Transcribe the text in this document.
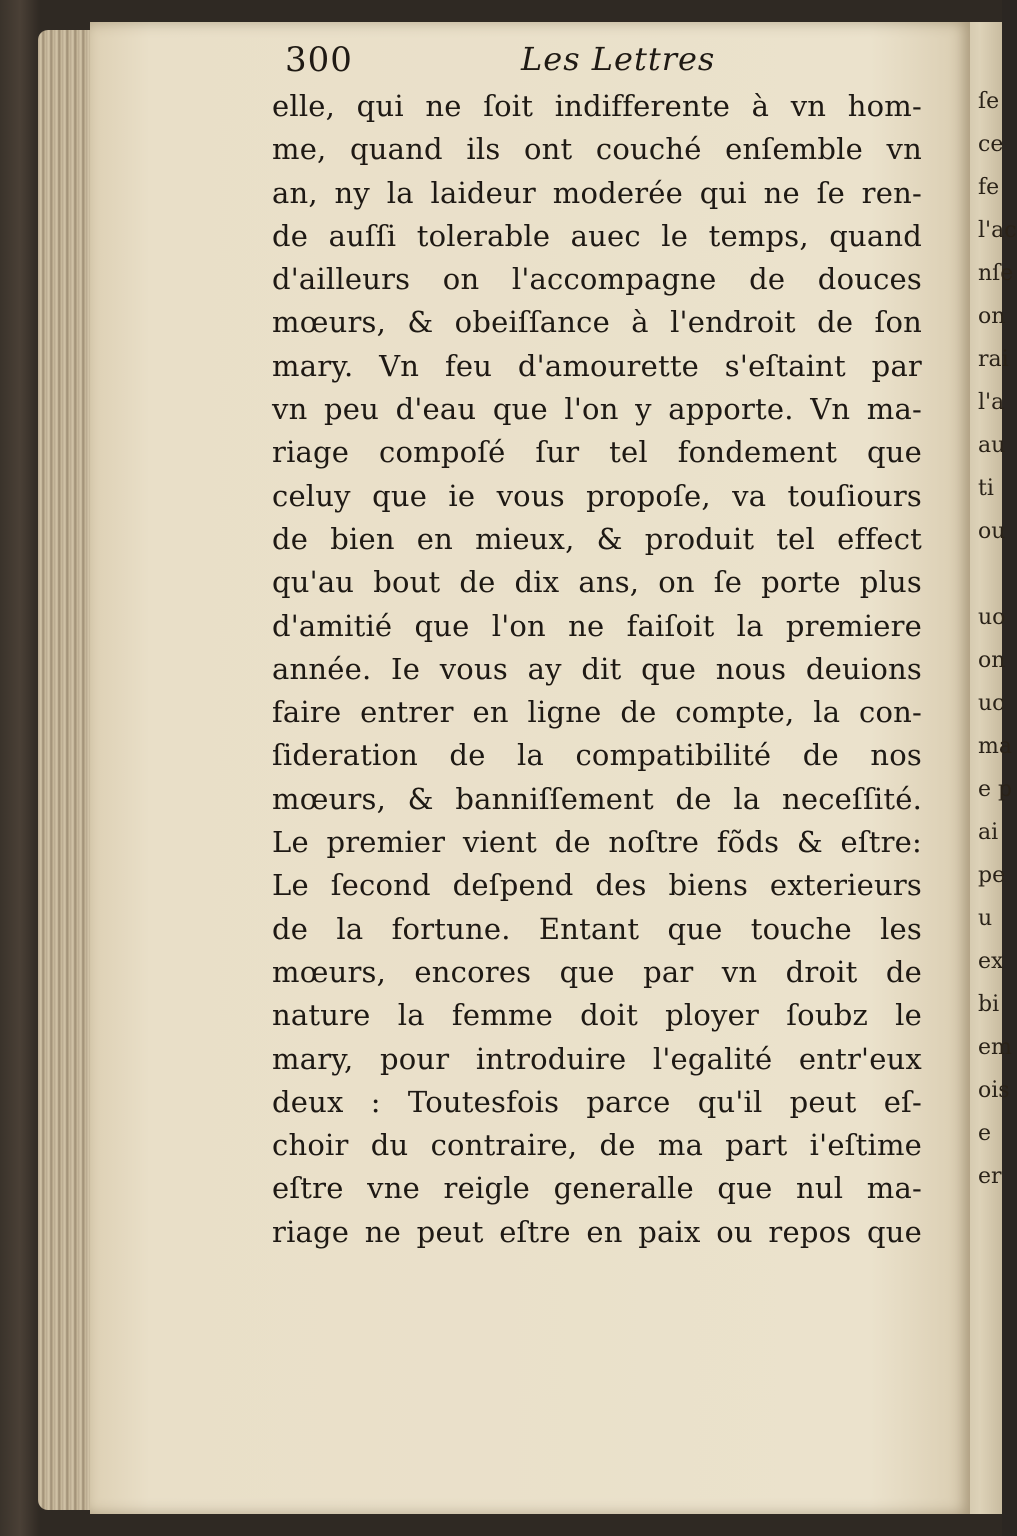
ſe
ce
fe
l'ac
nſe
on
rai
l'a
au
ti
ou
uo
on
uc
ma
e p
ai
pe
u
ex
bi
em
ois
e
er
300	Les Lettres
elle, qui ne ſoit indifferente à vn hom-
me, quand ils ont couché enſemble vn
an, ny la laideur moderée qui ne ſe ren-
de auſſi tolerable auec le temps, quand
d'ailleurs on l'accompagne de douces
mœurs, & obeiſſance à l'endroit de ſon
mary. Vn feu d'amourette s'eſtaint par
vn peu d'eau que l'on y apporte. Vn ma-
riage compoſé ſur tel fondement que
celuy que ie vous propoſe, va touſiours
de bien en mieux, & produit tel effect
qu'au bout de dix ans, on ſe porte plus
d'amitié que l'on ne faiſoit la premiere
année. Ie vous ay dit que nous deuions
faire entrer en ligne de compte, la con-
ſideration de la compatibilité de nos
mœurs, & banniſſement de la neceſſité.
Le premier vient de noſtre fõds & eſtre:
Le ſecond deſpend des biens exterieurs
de la fortune. Entant que touche les
mœurs, encores que par vn droit de
nature la femme doit ployer ſoubz le
mary, pour introduire l'egalité entr'eux
deux : Toutesfois parce qu'il peut eſ-
choir du contraire, de ma part i'eſtime
eſtre vne reigle generalle que nul ma-
riage ne peut eſtre en paix ou repos que
